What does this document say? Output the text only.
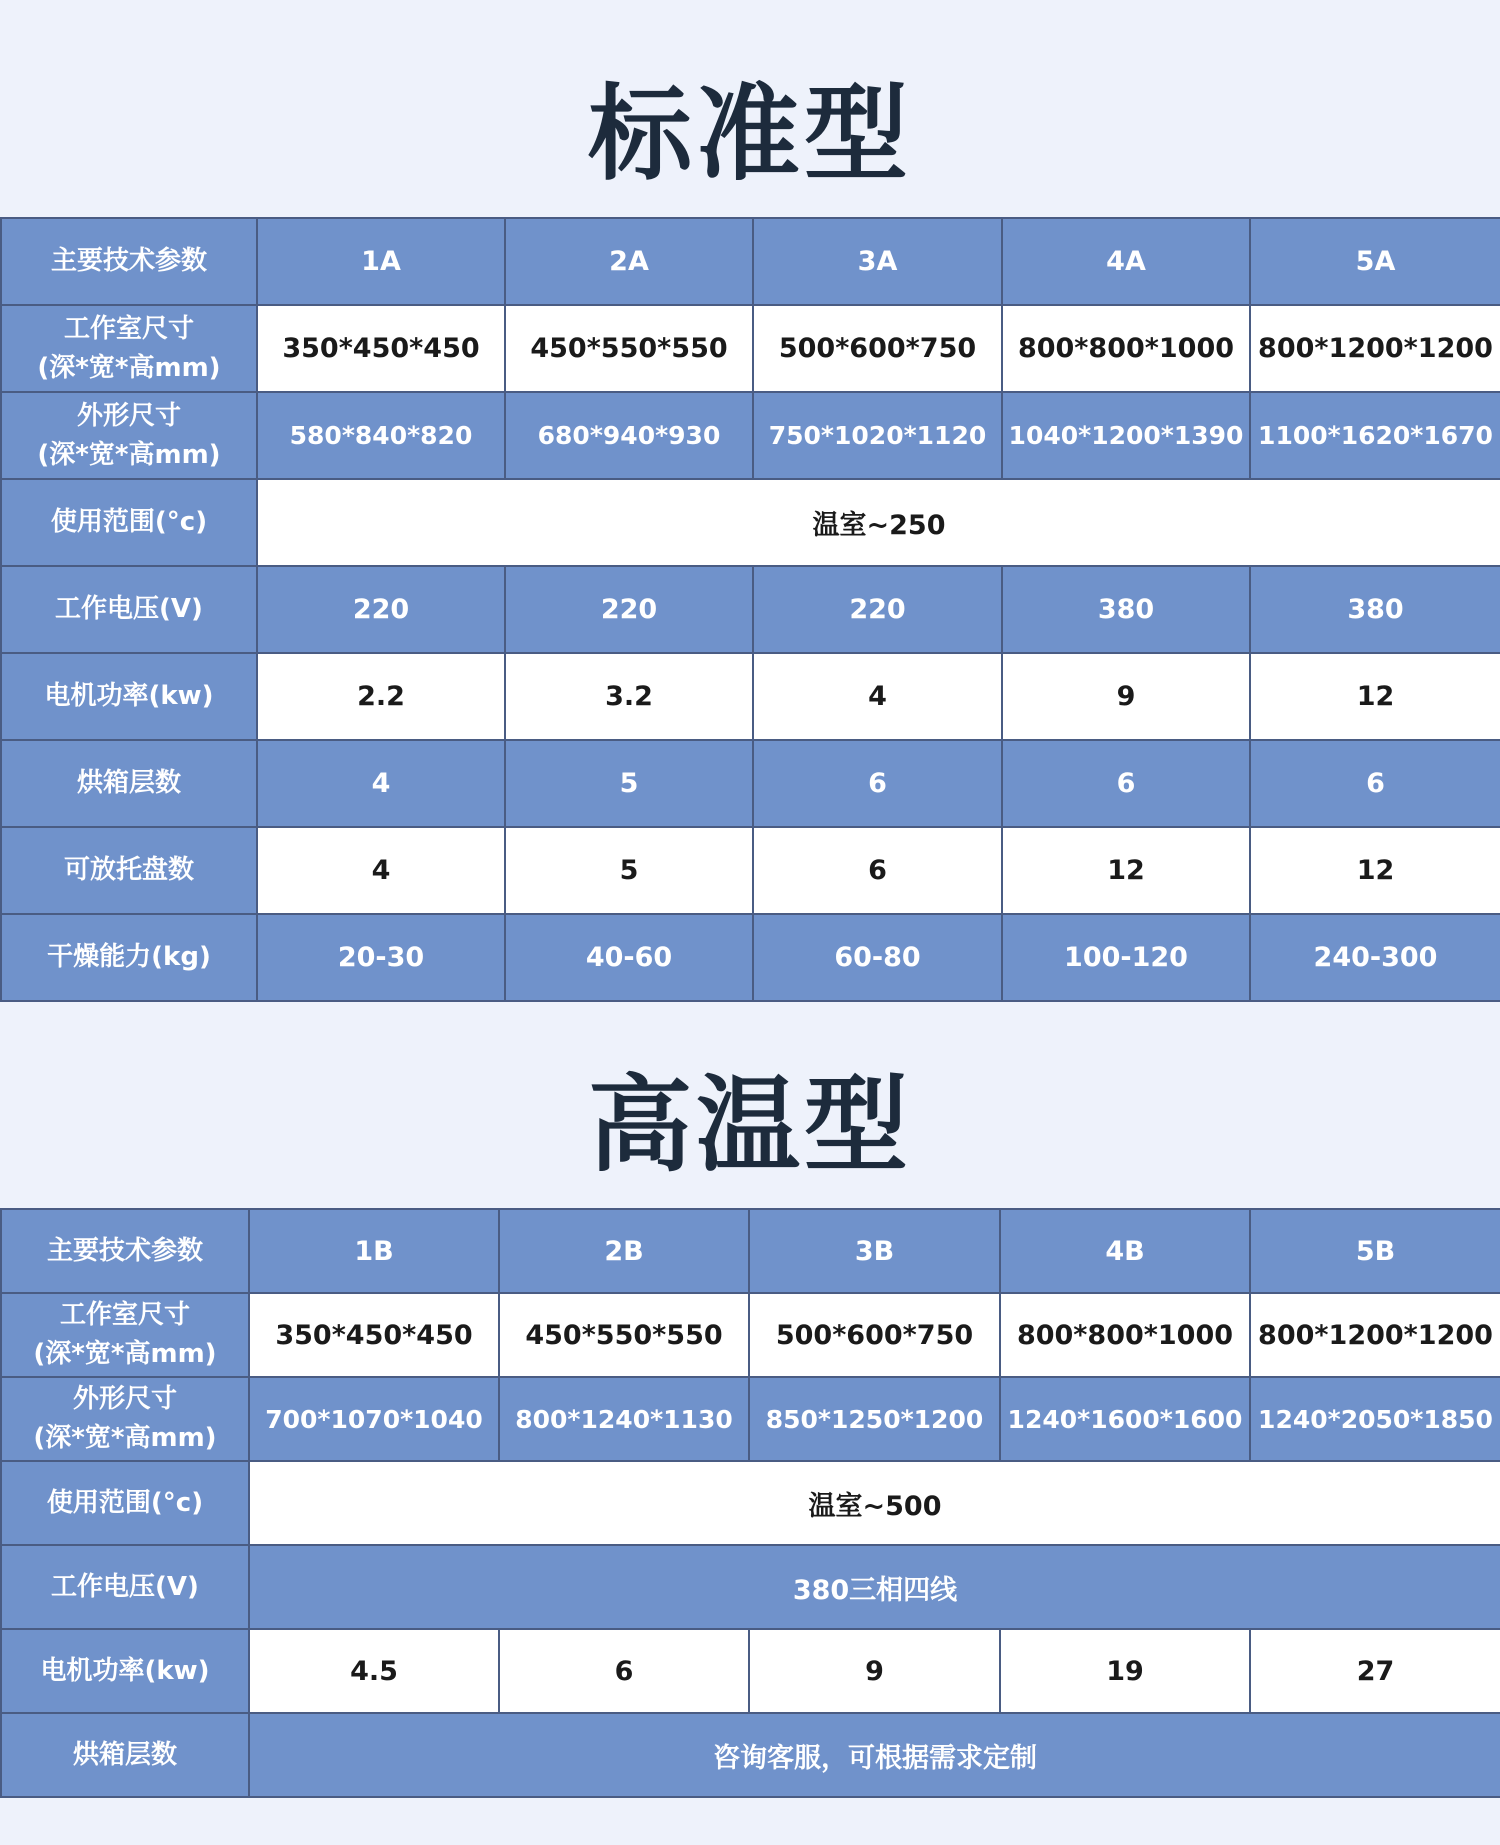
标准型
主要技术参数	1A	2A	3A	4A	5A

工作室尺寸
(深*宽*高mm)	350*450*450	450*550*550	500*600*750	800*800*1000	800*1200*1200

外形尺寸
(深*宽*高mm)	580*840*820	680*940*930	750*1020*1120	1040*1200*1390	1100*1620*1670
使用范围(°c)	温室~250				
工作电压(V)	220	220	220	380	380
电机功率(kw)	2.2	3.2	4	9	12
烘箱层数	4	5	6	6	6
可放托盘数	4	5	6	12	12
干燥能力(kg)	20-30	40-60	60-80	100-120	240-300
高温型
主要技术参数	1B	2B	3B	4B	5B

工作室尺寸
(深*宽*高mm)	350*450*450	450*550*550	500*600*750	800*800*1000	800*1200*1200

外形尺寸
(深*宽*高mm)	700*1070*1040	800*1240*1130	850*1250*1200	1240*1600*1600	1240*2050*1850
使用范围(°c)	温室~500				
工作电压(V)	380三相四线				
电机功率(kw)	4.5	6	9	19	27
烘箱层数	咨询客服，可根据需求定制				
